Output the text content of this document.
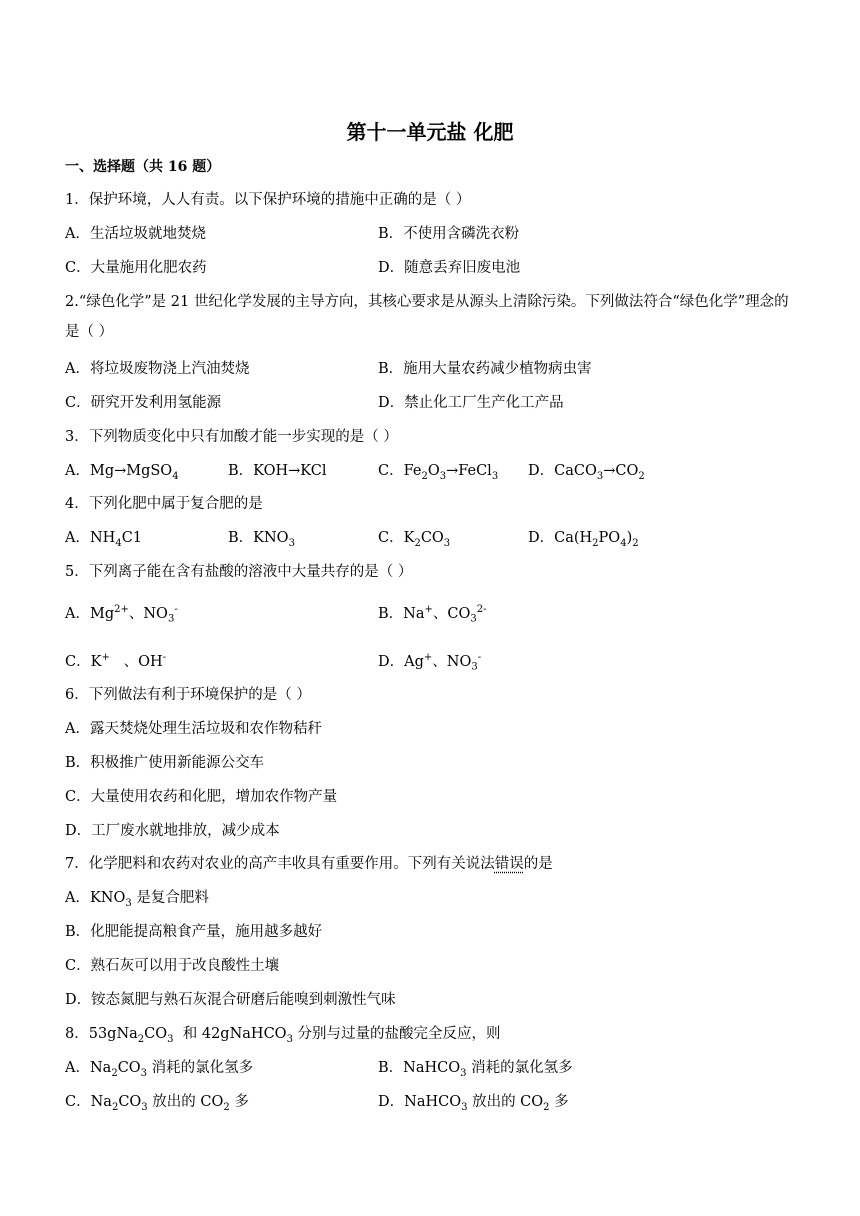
第十一单元盐 化肥
一、选择题（共 16 题）
1．保护环境，人人有责。以下保护环境的措施中正确的是（ ）
A．生活垃圾就地焚烧	B．不使用含磷洗衣粉
C．大量施用化肥农药	D．随意丢弃旧废电池
2.“绿色化学”是 21 世纪化学发展的主导方向，其核心要求是从源头上清除污染。下列做法符合“绿色化学”理念的是（ ）
A．将垃圾废物浇上汽油焚烧	B．施用大量农药减少植物病虫害
C．研究开发利用氢能源	D．禁止化工厂生产化工产品
3．下列物质变化中只有加酸才能一步实现的是（ ）
A．Mg→MgSO$_4$	B．KOH→KCl	C．$Fe_2O_3\to FeCl_3$ D．$CaCO_3\to CO_2$
4．下列化肥中属于复合肥的是
A．$NH_4C1$	B．$KNO_3$	C．$K_2CO_3$	D．$Ca(H_2PO_4)_2$
5．下列离子能在含有盐酸的溶液中大量共存的是（ ）
A．$Mg^{2+}$、$NO_3^-$	B．Na+、$CO_3^{2-}$
C．K+   、OH-	D．Ag+、$NO_3^-$
6．下列做法有利于环境保护的是（ ）
A．露天焚烧处理生活垃圾和农作物秸秆
B．积极推广使用新能源公交车
C．大量使用农药和化肥，增加农作物产量
D．工厂废水就地排放，减少成本
7．化学肥料和农药对农业的高产丰收具有重要作用。下列有关说法错误的是
A．$KNO_3$ 是复合肥料
B．化肥能提高粮食产量，施用越多越好
C．熟石灰可以用于改良酸性土壤
D．铵态氮肥与熟石灰混合研磨后能嗅到刺激性气味
8．$53gNa_2CO_3$  和 42gNaHCO$_3$ 分别与过量的盐酸完全反应，则
A．$Na_2CO_3$ 消耗的氯化氢多	B．NaHCO$_3$ 消耗的氯化氢多
C．$Na_2CO_3$ 放出的 $CO_2$ 多	D．NaHCO$_3$ 放出的 $CO_2$ 多
